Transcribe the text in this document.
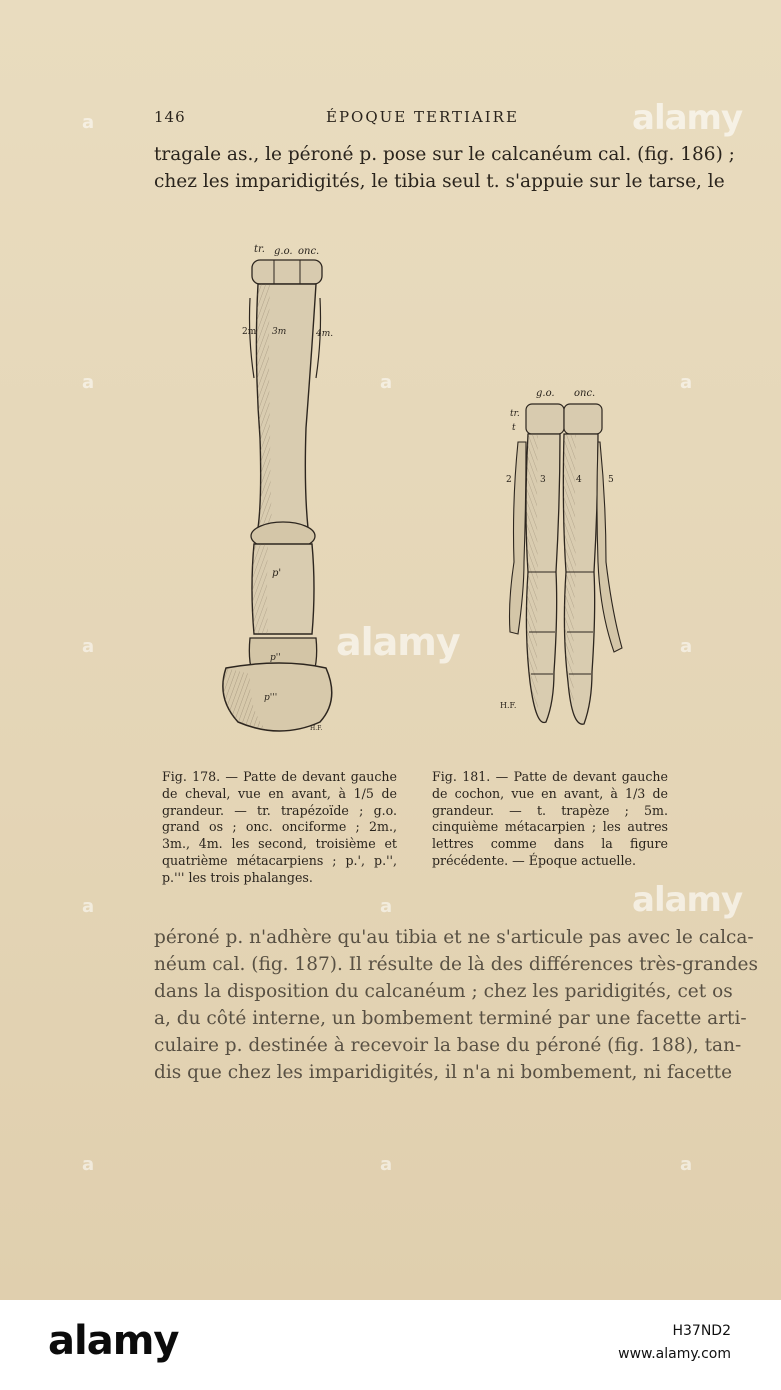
146	ÉPOQUE TERTIAIRE
tragale as., le péroné p. pose sur le calcanéum cal. (fig. 186) ;
chez les imparidigités, le tibia seul t. s'appuie sur le tarse, le
tr. g.o. onc.
2m 3m	4m.
p'
p''
p'''
H.F.
g.o. onc.
tr.
t
2	3	4	5
H.F.
Fig. 178. — Patte de devant gauche de cheval, vue en avant, à 1/5 de grandeur. — tr. trapézoïde ; g.o. grand os ; onc. onciforme ; 2m., 3m., 4m. les second, troisième et quatrième métacarpiens ; p.', p.'', p.''' les trois phalanges.
Fig. 181. — Patte de devant gauche de cochon, vue en avant, à 1/3 de grandeur. — t. trapèze ; 5m. cinquième métacarpien ; les autres lettres comme dans la figure précédente. — Époque actuelle.
péroné p. n'adhère qu'au tibia et ne s'articule pas avec le calca-
néum cal. (fig. 187). Il résulte de là des différences très-grandes
dans la disposition du calcanéum ; chez les paridigités, cet os
a, du côté interne, un bombement terminé par une facette arti-
culaire p. destinée à recevoir la base du péroné (fig. 188), tan-
dis que chez les imparidigités, il n'a ni bombement, ni facette
alamy
alamy
alamy
a
a	a	a
a	a
a	a
a	a	a
alamy	H37ND2
www.alamy.com
